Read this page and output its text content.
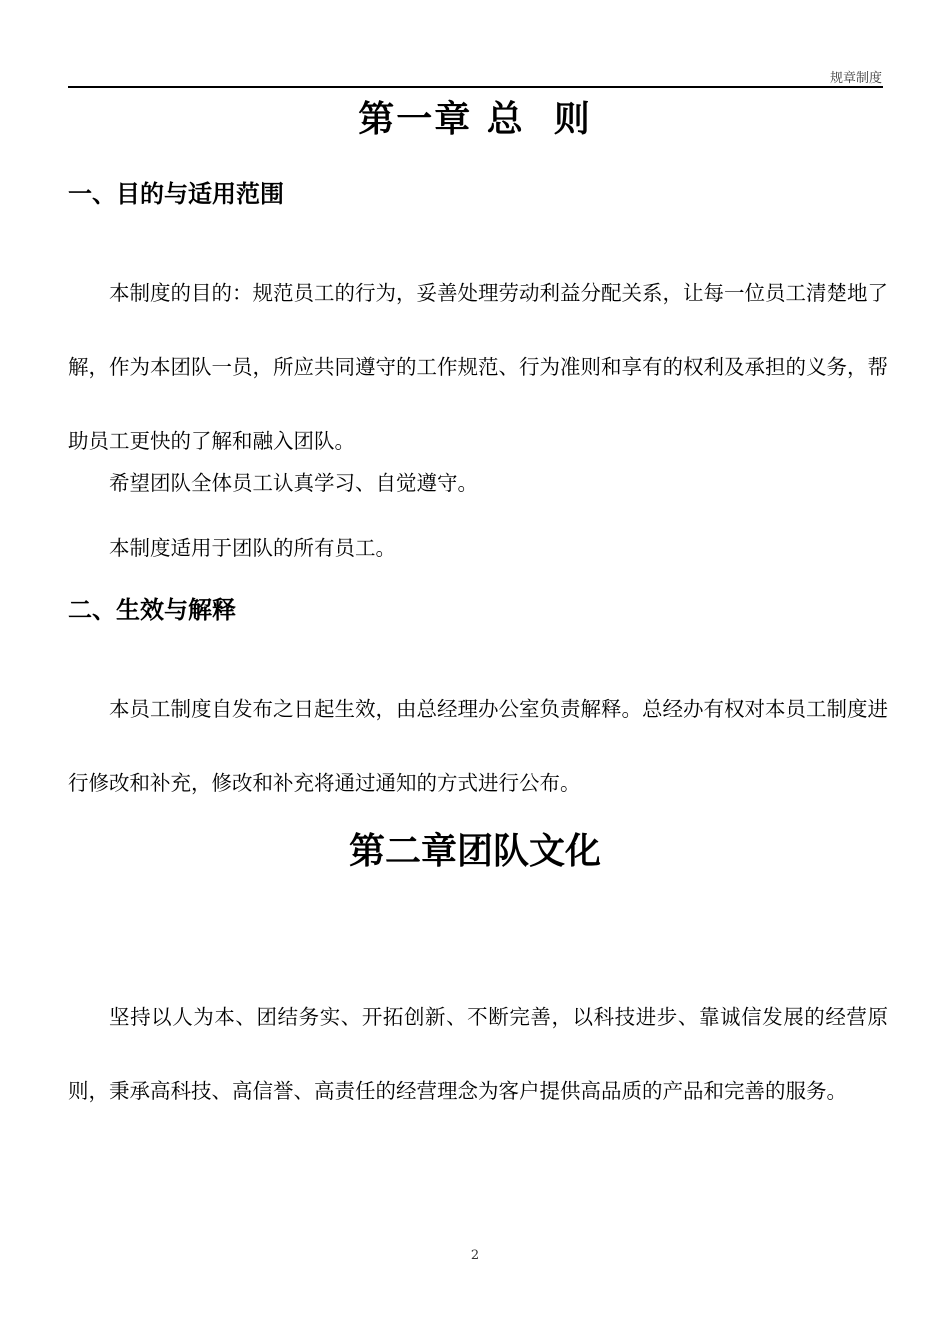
规章制度
第一章 总  则
一、目的与适用范围

本制度的目的：规范员工的行为，妥善处理劳动利益分配关系，让每一位员工清楚地了解，作为本团队一员，所应共同遵守的工作规范、行为准则和享有的权利及承担的义务，帮助员工更快的了解和融入团队。

希望团队全体员工认真学习、自觉遵守。

本制度适用于团队的所有员工。

二、生效与解释

本员工制度自发布之日起生效，由总经理办公室负责解释。总经办有权对本员工制度进行修改和补充，修改和补充将通过通知的方式进行公布。

第二章团队文化

坚持以人为本、团结务实、开拓创新、不断完善，以科技进步、靠诚信发展的经营原则，秉承高科技、高信誉、高责任的经营理念为客户提供高品质的产品和完善的服务。

2
